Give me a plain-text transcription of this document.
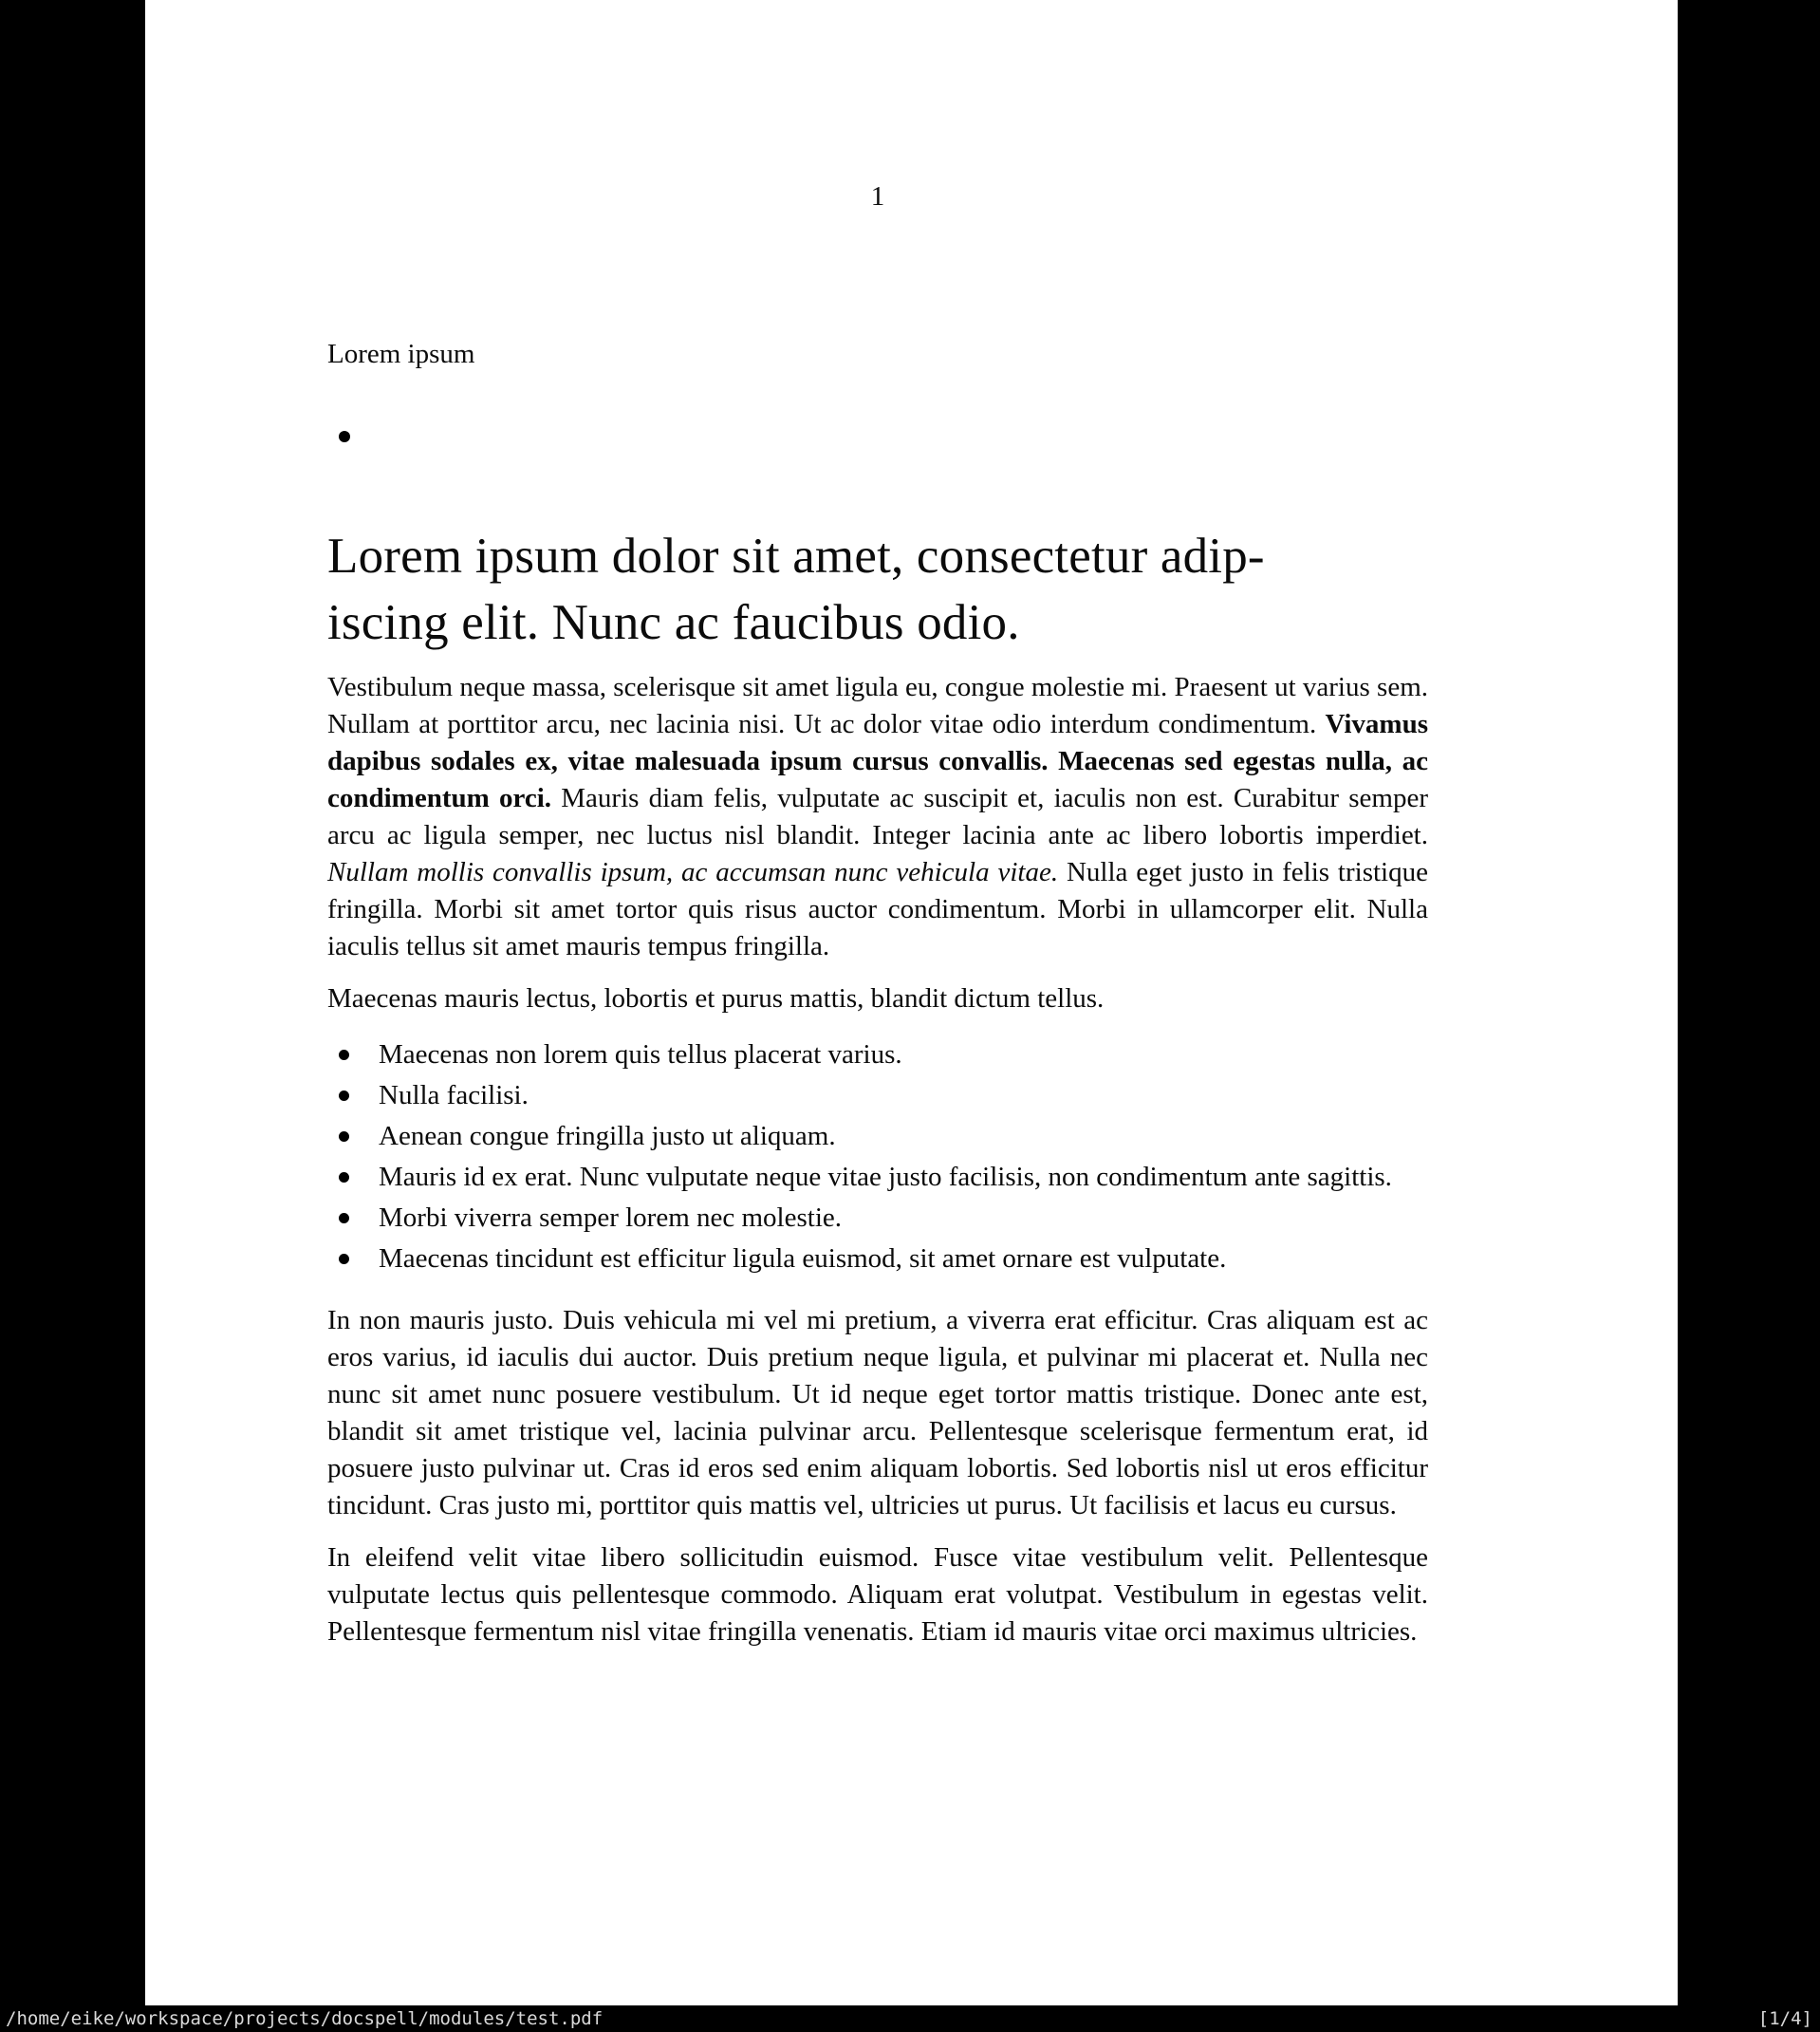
1
Lorem ipsum
Lorem ipsum dolor sit amet, consectetur adip-
iscing elit. Nunc ac faucibus odio.

Vestibulum neque massa, scelerisque sit amet ligula eu, congue molestie mi. Praesent ut varius sem. Nullam at porttitor arcu, nec lacinia nisi. Ut ac dolor vitae odio interdum condimentum. Vivamus dapibus sodales ex, vitae malesuada ipsum cursus convallis. Maecenas sed egestas nulla, ac condimentum orci. Mauris diam felis, vulputate ac suscipit et, iaculis non est. Curabitur semper arcu ac ligula semper, nec luctus nisl blandit. Integer lacinia ante ac libero lobortis imperdiet. Nullam mollis convallis ipsum, ac accumsan nunc vehicula vitae. Nulla eget justo in felis tristique fringilla. Morbi sit amet tortor quis risus auctor condimentum. Morbi in ullamcorper elit. Nulla iaculis tellus sit amet mauris tempus fringilla.

Maecenas mauris lectus, lobortis et purus mattis, blandit dictum tellus.

Maecenas non lorem quis tellus placerat varius.
Nulla facilisi.
Aenean congue fringilla justo ut aliquam.
Mauris id ex erat. Nunc vulputate neque vitae justo facilisis, non condimentum ante sagittis.
Morbi viverra semper lorem nec molestie.
Maecenas tincidunt est efficitur ligula euismod, sit amet ornare est vulputate.

In non mauris justo. Duis vehicula mi vel mi pretium, a viverra erat efficitur. Cras aliquam est ac eros varius, id iaculis dui auctor. Duis pretium neque ligula, et pulvinar mi placerat et. Nulla nec nunc sit amet nunc posuere vestibulum. Ut id neque eget tortor mattis tristique. Donec ante est, blandit sit amet tristique vel, lacinia pulvinar arcu. Pellentesque scelerisque fermentum erat, id posuere justo pulvinar ut. Cras id eros sed enim aliquam lobortis. Sed lobortis nisl ut eros efficitur tincidunt. Cras justo mi, porttitor quis mattis vel, ultricies ut purus. Ut facilisis et lacus eu cursus.

In eleifend velit vitae libero sollicitudin euismod. Fusce vitae vestibulum velit. Pellentesque vulputate lectus quis pellentesque commodo. Aliquam erat volutpat. Vestibulum in egestas velit. Pellentesque fermentum nisl vitae fringilla venenatis. Etiam id mauris vitae orci maximus ultricies.

/home/eike/workspace/projects/docspell/modules/test.pdf	[1/4]
